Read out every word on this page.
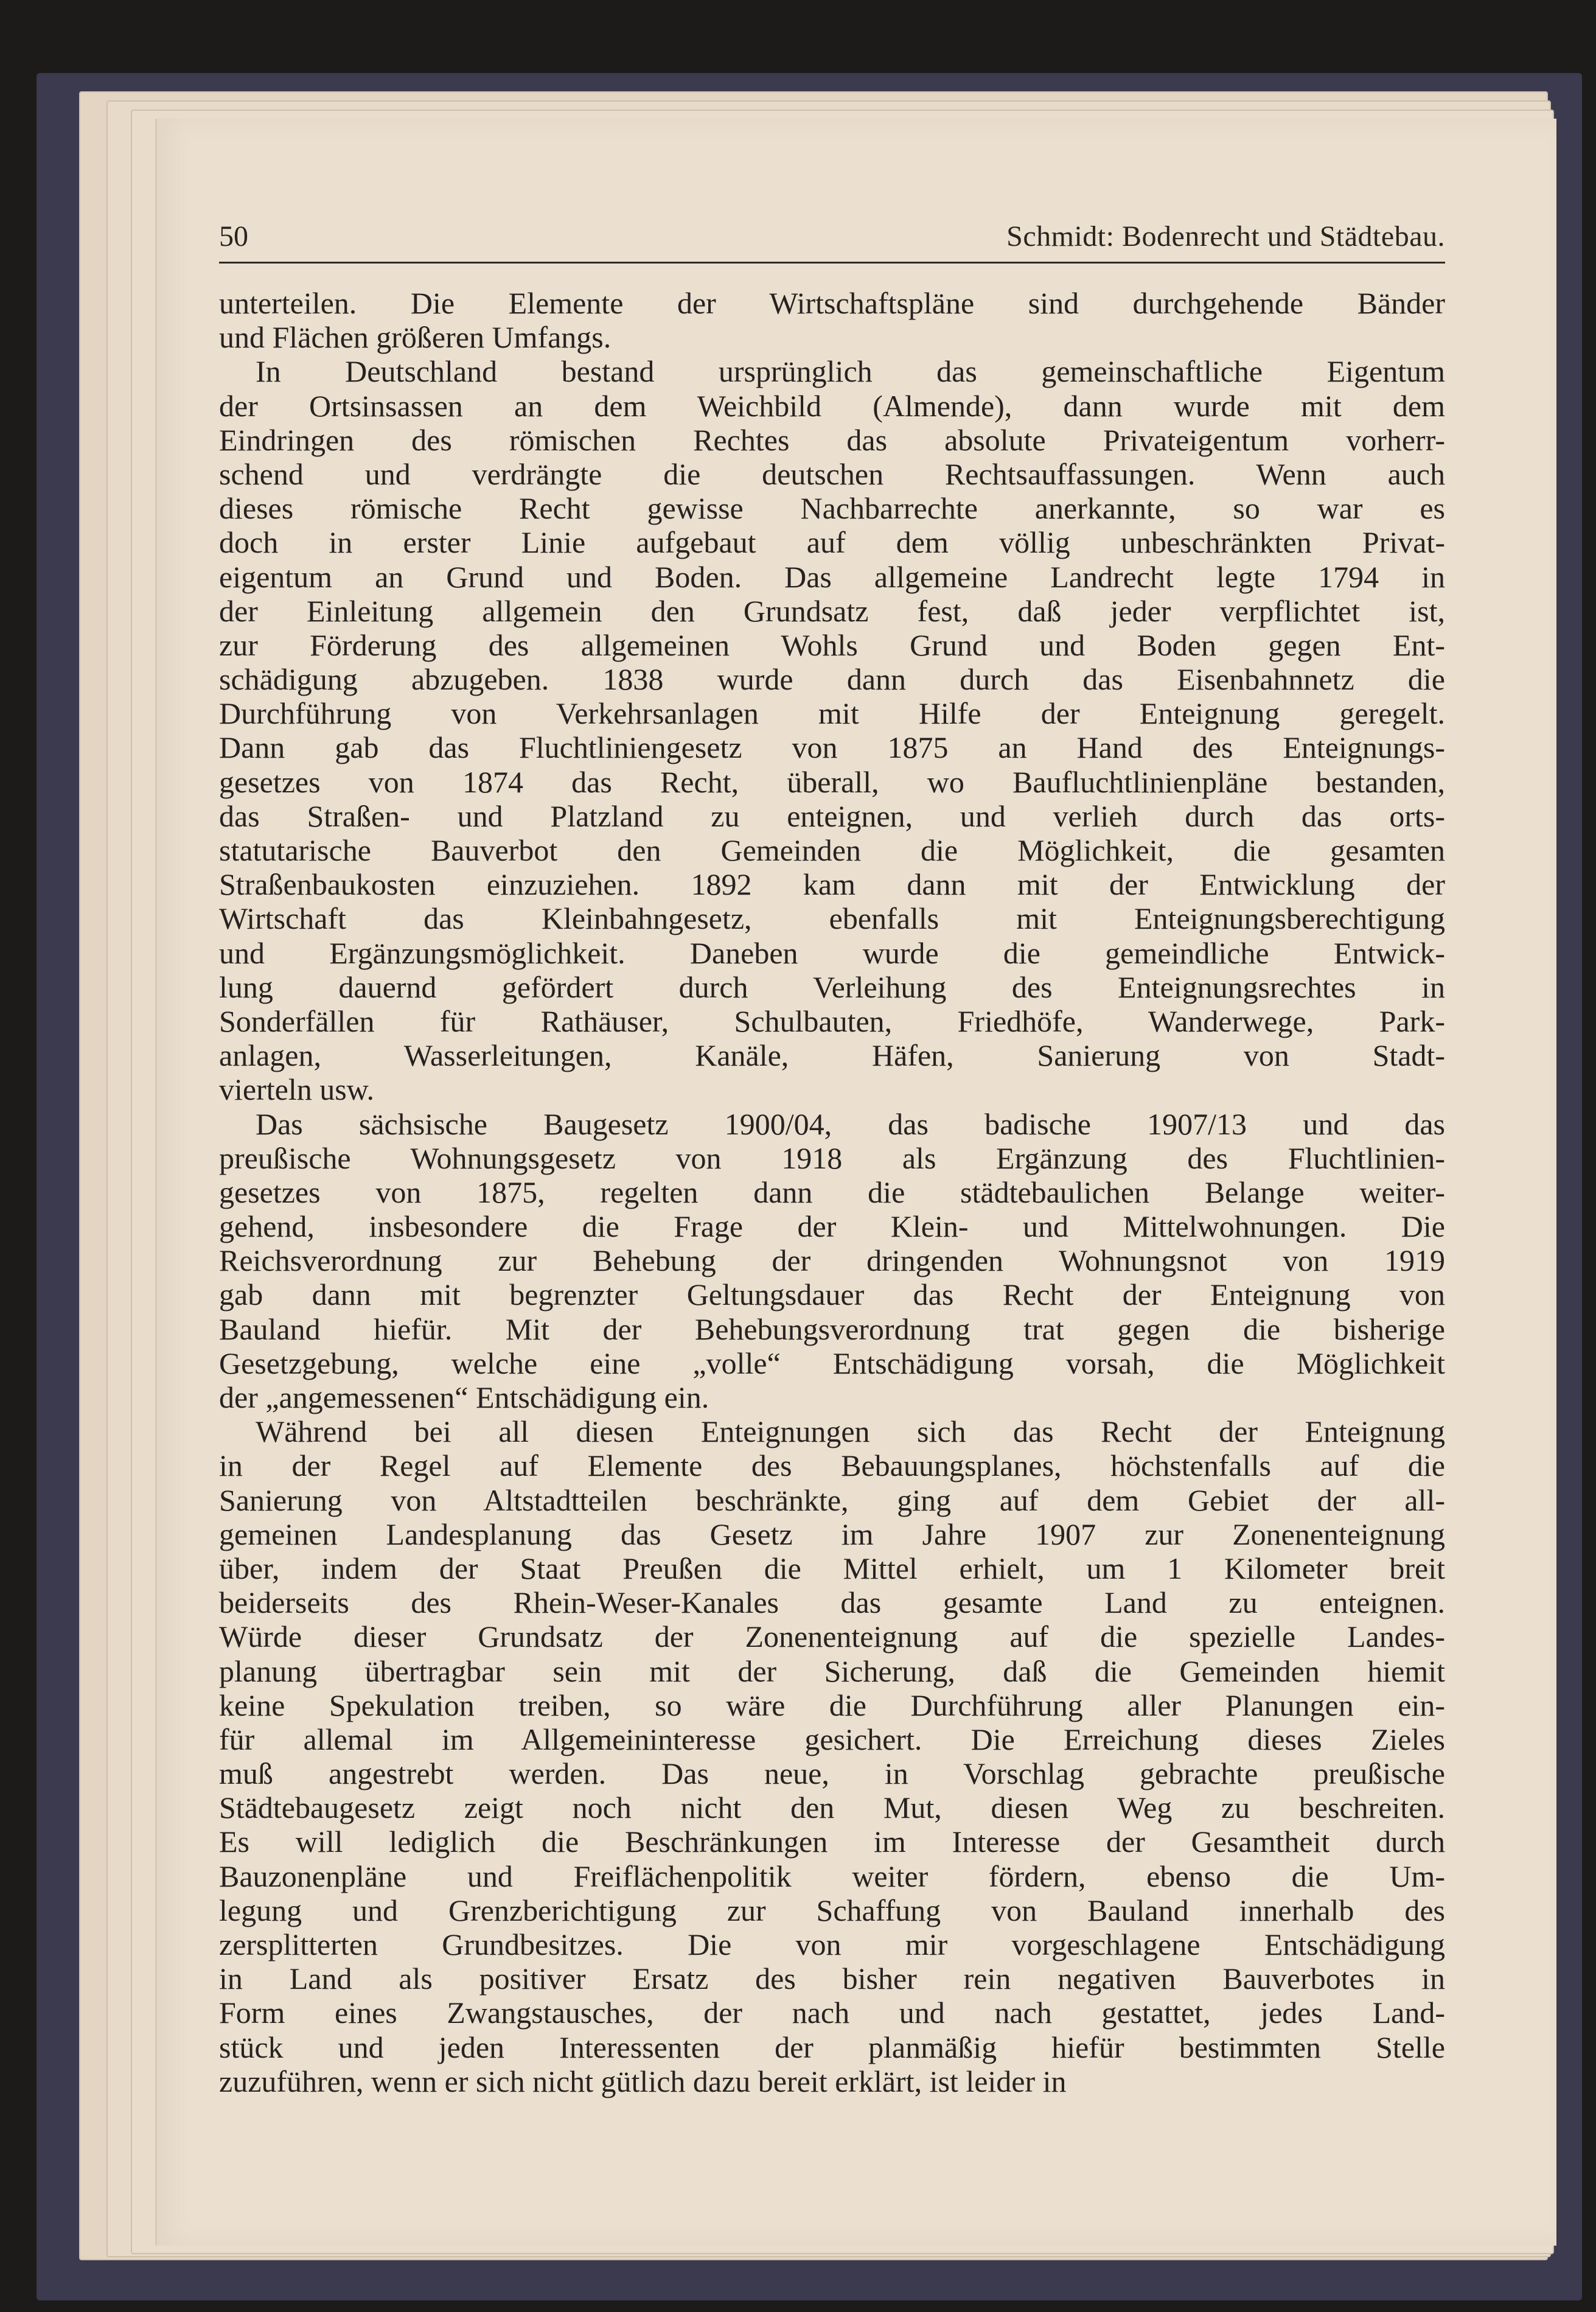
50	Schmidt: Bodenrecht und Städtebau.
unterteilen. Die Elemente der Wirtschaftspläne sind durchgehende Bänder
und Flächen größeren Umfangs.
In Deutschland bestand ursprünglich das gemeinschaftliche Eigentum
der Ortsinsassen an dem Weichbild (Almende), dann wurde mit dem
Eindringen des römischen Rechtes das absolute Privateigentum vorherr-
schend und verdrängte die deutschen Rechtsauffassungen. Wenn auch
dieses römische Recht gewisse Nachbarrechte anerkannte, so war es
doch in erster Linie aufgebaut auf dem völlig unbeschränkten Privat-
eigentum an Grund und Boden. Das allgemeine Landrecht legte 1794 in
der Einleitung allgemein den Grundsatz fest, daß jeder verpflichtet ist,
zur Förderung des allgemeinen Wohls Grund und Boden gegen Ent-
schädigung abzugeben. 1838 wurde dann durch das Eisenbahnnetz die
Durchführung von Verkehrsanlagen mit Hilfe der Enteignung geregelt.
Dann gab das Fluchtliniengesetz von 1875 an Hand des Enteignungs-
gesetzes von 1874 das Recht, überall, wo Baufluchtlinienpläne bestanden,
das Straßen- und Platzland zu enteignen, und verlieh durch das orts-
statutarische Bauverbot den Gemeinden die Möglichkeit, die gesamten
Straßenbaukosten einzuziehen. 1892 kam dann mit der Entwicklung der
Wirtschaft das Kleinbahngesetz, ebenfalls mit Enteignungsberechtigung
und Ergänzungsmöglichkeit. Daneben wurde die gemeindliche Entwick-
lung dauernd gefördert durch Verleihung des Enteignungsrechtes in
Sonderfällen für Rathäuser, Schulbauten, Friedhöfe, Wanderwege, Park-
anlagen, Wasserleitungen, Kanäle, Häfen, Sanierung von Stadt-
vierteln usw.
Das sächsische Baugesetz 1900/04, das badische 1907/13 und das
preußische Wohnungsgesetz von 1918 als Ergänzung des Fluchtlinien-
gesetzes von 1875, regelten dann die städtebaulichen Belange weiter-
gehend, insbesondere die Frage der Klein- und Mittelwohnungen. Die
Reichsverordnung zur Behebung der dringenden Wohnungsnot von 1919
gab dann mit begrenzter Geltungsdauer das Recht der Enteignung von
Bauland hiefür. Mit der Behebungsverordnung trat gegen die bisherige
Gesetzgebung, welche eine „volle“ Entschädigung vorsah, die Möglichkeit
der „angemessenen“ Entschädigung ein.
Während bei all diesen Enteignungen sich das Recht der Enteignung
in der Regel auf Elemente des Bebauungsplanes, höchstenfalls auf die
Sanierung von Altstadtteilen beschränkte, ging auf dem Gebiet der all-
gemeinen Landesplanung das Gesetz im Jahre 1907 zur Zonenenteignung
über, indem der Staat Preußen die Mittel erhielt, um 1 Kilometer breit
beiderseits des Rhein-Weser-Kanales das gesamte Land zu enteignen.
Würde dieser Grundsatz der Zonenenteignung auf die spezielle Landes-
planung übertragbar sein mit der Sicherung, daß die Gemeinden hiemit
keine Spekulation treiben, so wäre die Durchführung aller Planungen ein-
für allemal im Allgemeininteresse gesichert. Die Erreichung dieses Zieles
muß angestrebt werden. Das neue, in Vorschlag gebrachte preußische
Städtebaugesetz zeigt noch nicht den Mut, diesen Weg zu beschreiten.
Es will lediglich die Beschränkungen im Interesse der Gesamtheit durch
Bauzonenpläne und Freiflächenpolitik weiter fördern, ebenso die Um-
legung und Grenzberichtigung zur Schaffung von Bauland innerhalb des
zersplitterten Grundbesitzes. Die von mir vorgeschlagene Entschädigung
in Land als positiver Ersatz des bisher rein negativen Bauverbotes in
Form eines Zwangstausches, der nach und nach gestattet, jedes Land-
stück und jeden Interessenten der planmäßig hiefür bestimmten Stelle
zuzuführen, wenn er sich nicht gütlich dazu bereit erklärt, ist leider in
